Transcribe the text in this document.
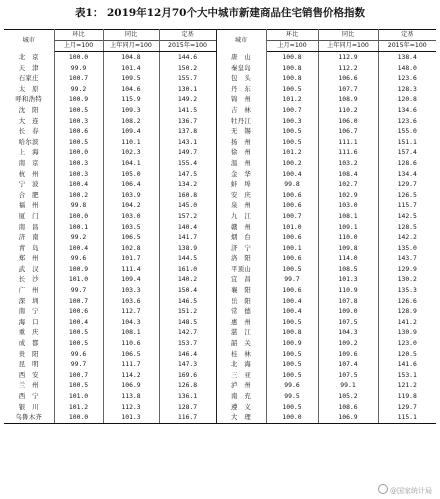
表1： 2019年12月70个大中城市新建商品住宅销售价格指数
城市	环比	同比	定基	城市	环比	同比	定基
	上月=100	上年同月=100	2015年=100		上月=100	上年同月=100	2015年=100
北　京	100.0	104.8	144.6	唐　山	100.8	112.9	138.4
天　津	99.9	101.4	150.2	秦皇岛	100.8	112.2	148.0
石家庄	100.7	109.5	155.7	包　头	100.8	106.6	123.6
太　原	99.2	104.6	130.1	丹　东	100.5	107.7	128.3
呼和浩特	100.9	115.9	149.2	锦　州	101.2	108.9	120.8
沈　阳	100.5	109.3	141.5	吉　林	100.7	110.2	134.6
大　连	100.3	108.2	136.7	牡丹江	100.3	106.0	123.6
长　春	100.6	109.4	137.8	无　锡	100.5	106.7	155.0
哈尔滨	100.5	110.1	143.1	扬　州	100.5	111.1	151.1
上　海	100.0	102.3	149.7	徐　州	101.2	111.6	157.4
南　京	100.3	104.1	155.4	温　州	100.2	103.2	128.6
杭　州	100.3	105.0	147.5	金　华	100.4	108.4	134.4
宁　波	100.4	106.4	134.2	蚌　埠	99.8	102.7	129.7
合　肥	100.2	103.9	160.8	安　庆	100.6	102.9	126.5
福　州	99.8	104.2	145.0	泉　州	100.6	103.0	115.7
厦　门	100.0	103.0	157.2	九　江	100.7	108.1	142.5
南　昌	100.1	103.5	140.4	赣　州	101.0	109.1	128.5
济　南	99.2	106.5	141.7	烟　台	100.6	110.0	142.2
青　岛	100.4	102.8	138.9	济　宁	100.1	109.8	135.0
郑　州	99.6	101.7	144.5	洛　阳	100.6	114.0	143.7
武　汉	100.9	111.4	161.0	平顶山	100.5	108.5	129.9
长　沙	101.0	109.4	140.2	宜　昌	99.7	101.3	130.2
广　州	99.7	103.3	150.4	襄　阳	100.6	110.9	135.3
深　圳	100.7	103.6	146.5	岳　阳	100.4	107.8	126.6
南　宁	100.6	112.7	151.2	常　德	100.4	109.0	128.9
海　口	100.4	104.3	148.5	惠　州	100.5	107.5	141.2
重　庆	100.5	108.1	142.7	湛　江	100.8	104.3	130.9
成　都	100.5	110.6	153.7	韶　关	100.9	109.2	123.0
贵　阳	99.6	106.5	146.4	桂　林	100.5	109.6	120.5
昆　明	99.7	111.7	147.3	北　海	100.5	107.4	141.6
西　安	100.7	114.2	169.6	三　亚	100.5	107.5	153.1
兰　州	100.5	106.9	126.8	泸　州	99.6	99.1	121.2
西　宁	101.0	113.8	136.1	南　充	99.5	105.2	119.8
银　川	101.2	112.3	128.7	遵　义	100.5	108.6	129.7
乌鲁木齐	100.0	101.3	116.7	大　理	100.0	106.9	115.1
@国家统计局
